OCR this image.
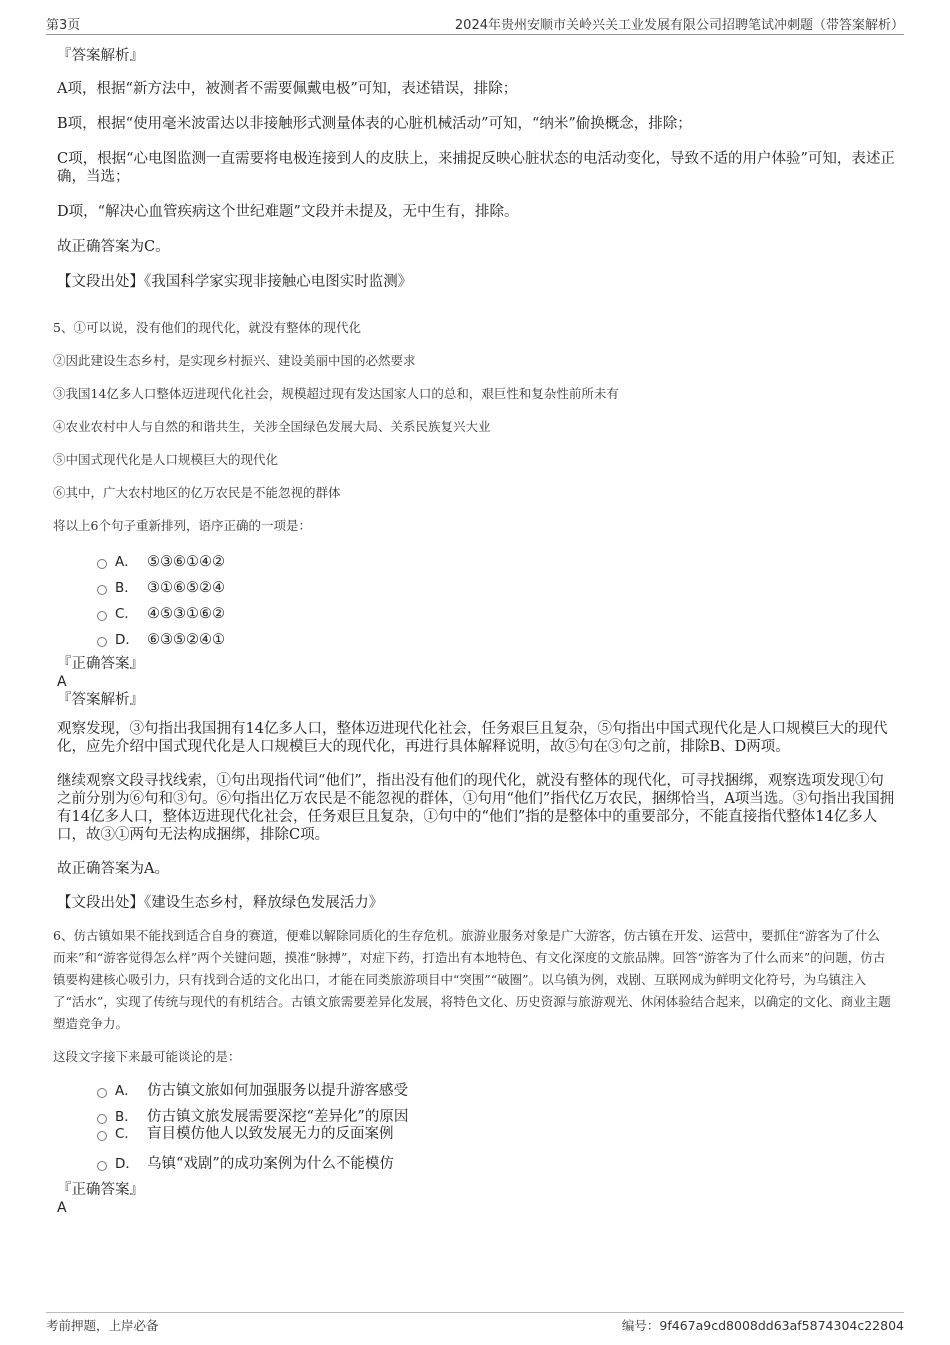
第3页	2024年贵州安顺市关岭兴关工业发展有限公司招聘笔试冲刺题（带答案解析）
『答案解析』

A项，根据“新方法中，被测者不需要佩戴电极”可知，表述错误，排除；

B项，根据“使用毫米波雷达以非接触形式测量体表的心脏机械活动”可知，“纳米”偷换概念，排除；

C项，根据“心电图监测一直需要将电极连接到人的皮肤上，来捕捉反映心脏状态的电活动变化，导致不适的用户体验”可知，表述正确，当选；

D项，“解决心血管疾病这个世纪难题”文段并未提及，无中生有，排除。

故正确答案为C。

【文段出处】《我国科学家实现非接触心电图实时监测》

5、①可以说，没有他们的现代化，就没有整体的现代化
②因此建设生态乡村，是实现乡村振兴、建设美丽中国的必然要求
③我国14亿多人口整体迈进现代化社会，规模超过现有发达国家人口的总和，艰巨性和复杂性前所未有
④农业农村中人与自然的和谐共生，关涉全国绿色发展大局、关系民族复兴大业
⑤中国式现代化是人口规模巨大的现代化
⑥其中，广大农村地区的亿万农民是不能忽视的群体
将以上6个句子重新排列，语序正确的一项是：
A． ⑤③⑥①④②
B． ③①⑥⑤②④
C． ④⑤③①⑥②
D． ⑥③⑤②④①
『正确答案』
A
『答案解析』

观察发现，③句指出我国拥有14亿多人口，整体迈进现代化社会，任务艰巨且复杂，⑤句指出中国式现代化是人口规模巨大的现代化，应先介绍中国式现代化是人口规模巨大的现代化，再进行具体解释说明，故⑤句在③句之前，排除B、D两项。

继续观察文段寻找线索，①句出现指代词“他们”，指出没有他们的现代化，就没有整体的现代化，可寻找捆绑，观察选项发现①句之前分别为⑥句和③句。⑥句指出亿万农民是不能忽视的群体，①句用“他们”指代亿万农民，捆绑恰当，A项当选。③句指出我国拥有14亿多人口，整体迈进现代化社会，任务艰巨且复杂，①句中的“他们”指的是整体中的重要部分，不能直接指代整体14亿多人口，故③①两句无法构成捆绑，排除C项。

故正确答案为A。

【文段出处】《建设生态乡村，释放绿色发展活力》

6、仿古镇如果不能找到适合自身的赛道，便难以解除同质化的生存危机。旅游业服务对象是广大游客，仿古镇在开发、运营中，要抓住“游客为了什么而来”和“游客觉得怎么样”两个关键问题，摸准“脉搏”，对症下药，打造出有本地特色、有文化深度的文旅品牌。回答“游客为了什么而来”的问题，仿古镇要构建核心吸引力，只有找到合适的文化出口，才能在同类旅游项目中“突围”“破圈”。以乌镇为例，戏剧、互联网成为鲜明文化符号，为乌镇注入了“活水”，实现了传统与现代的有机结合。古镇文旅需要差异化发展，将特色文化、历史资源与旅游观光、休闲体验结合起来，以确定的文化、商业主题塑造竞争力。
这段文字接下来最可能谈论的是：
A． 仿古镇文旅如何加强服务以提升游客感受
B． 仿古镇文旅发展需要深挖“差异化”的原因
C． 盲目模仿他人以致发展无力的反面案例
D． 乌镇“戏剧”的成功案例为什么不能模仿
『正确答案』
A
考前押题，上岸必备	编号：9f467a9cd8008dd63af5874304c22804
